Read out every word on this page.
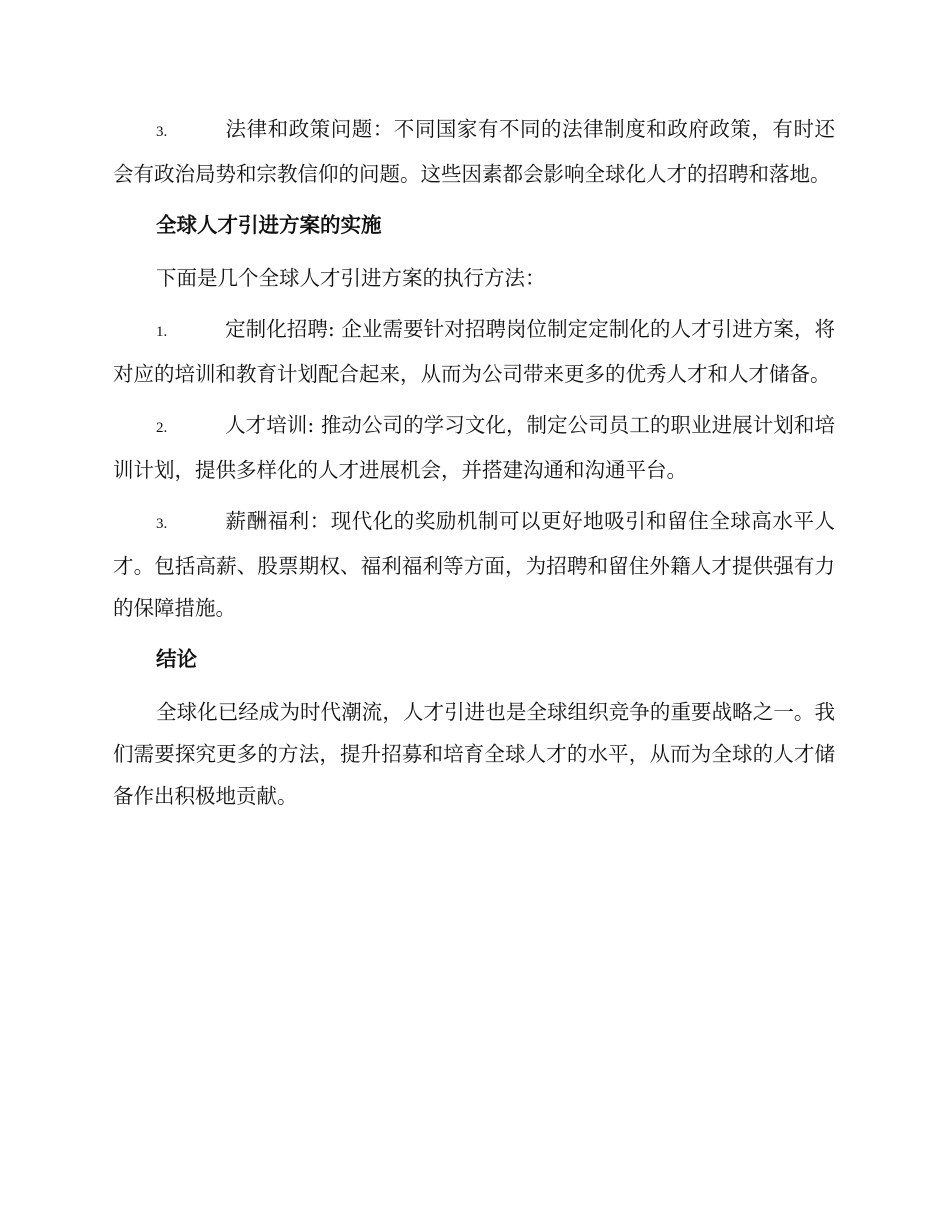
3.	法律和政策问题：不同国家有不同的法律制度和政府政策，有时还会有政治局势和宗教信仰的问题。这些因素都会影响全球化人才的招聘和落地。

全球人才引进方案的实施

下面是几个全球人才引进方案的执行方法：

1.	定制化招聘: 企业需要针对招聘岗位制定定制化的人才引进方案，将对应的培训和教育计划配合起来，从而为公司带来更多的优秀人才和人才储备。

2.	人才培训: 推动公司的学习文化，制定公司员工的职业进展计划和培训计划，提供多样化的人才进展机会，并搭建沟通和沟通平台。

3.	薪酬福利：现代化的奖励机制可以更好地吸引和留住全球高水平人才。包括高薪、股票期权、福利福利等方面，为招聘和留住外籍人才提供强有力的保障措施。

结论

全球化已经成为时代潮流，人才引进也是全球组织竞争的重要战略之一。我们需要探究更多的方法，提升招募和培育全球人才的水平，从而为全球的人才储备作出积极地贡献。
